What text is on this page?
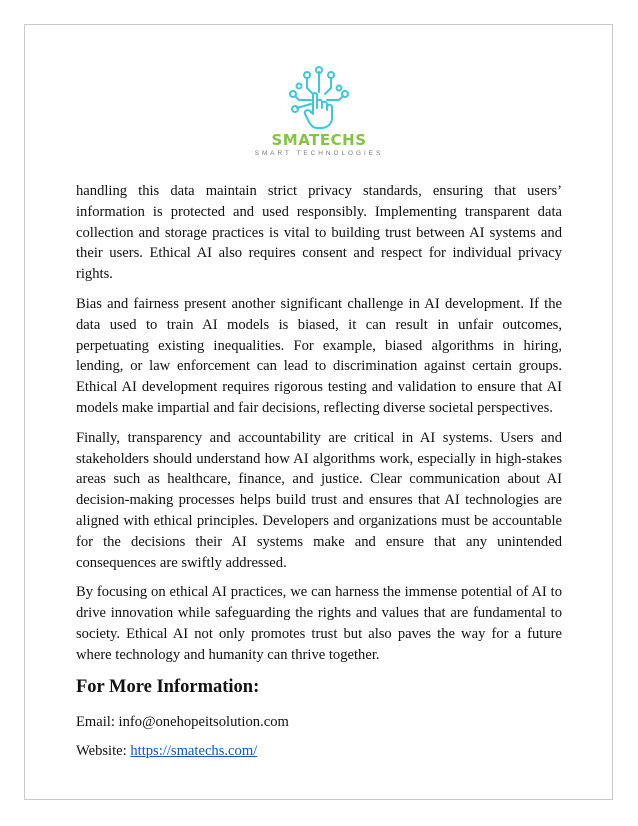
SMATECHS
SMART TECHNOLOGIES

handling this data maintain strict privacy standards, ensuring that users’ information is protected and used responsibly. Implementing transparent data collection and storage practices is vital to building trust between AI systems and their users. Ethical AI also requires consent and respect for individual privacy rights.

Bias and fairness present another significant challenge in AI development. If the data used to train AI models is biased, it can result in unfair outcomes, perpetuating existing inequalities. For example, biased algorithms in hiring, lending, or law enforcement can lead to discrimination against certain groups. Ethical AI development requires rigorous testing and validation to ensure that AI models make impartial and fair decisions, reflecting diverse societal perspectives.

Finally, transparency and accountability are critical in AI systems. Users and stakeholders should understand how AI algorithms work, especially in high-stakes areas such as healthcare, finance, and justice. Clear communication about AI decision-making processes helps build trust and ensures that AI technologies are aligned with ethical principles. Developers and organizations must be accountable for the decisions their AI systems make and ensure that any unintended consequences are swiftly addressed.

By focusing on ethical AI practices, we can harness the immense potential of AI to drive innovation while safeguarding the rights and values that are fundamental to society. Ethical AI not only promotes trust but also paves the way for a future where technology and humanity can thrive together.

For More Information:
Email: info@onehopeitsolution.com
Website: https://smatechs.com/
